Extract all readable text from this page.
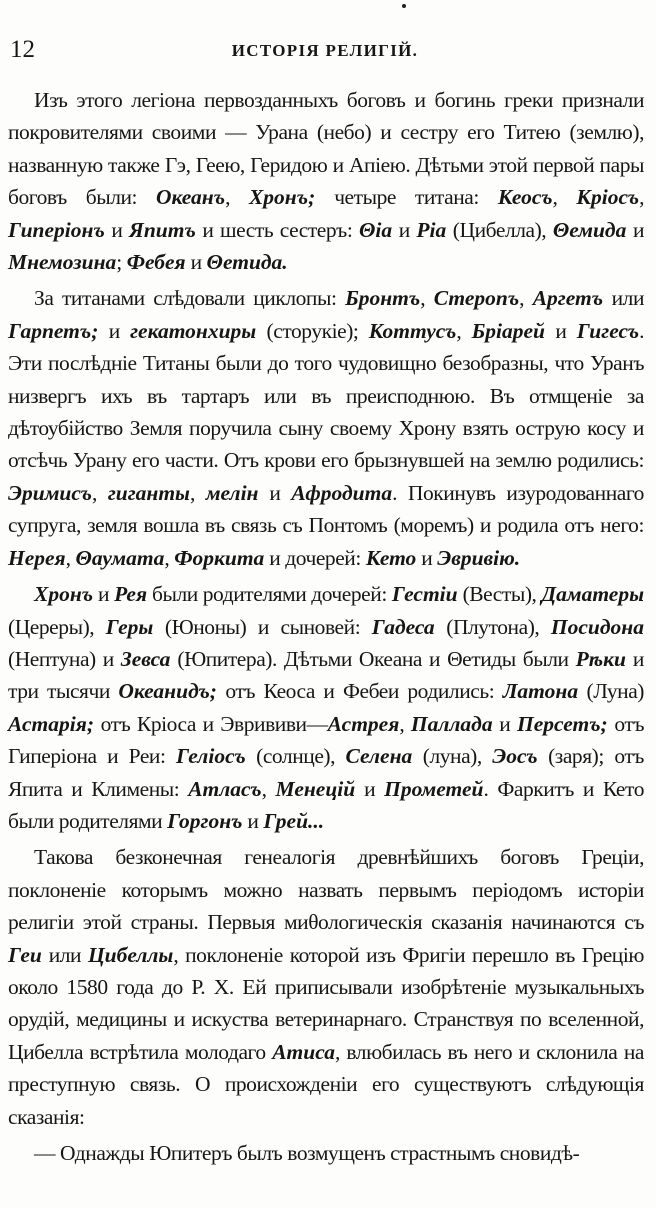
12	ИСТОРІЯ РЕЛИГІЙ.

Изъ этого легіона первозданныхъ боговъ и богинь греки признали покровителями своими — Урана (небо) и сестру его Титею (землю), названную также Гэ, Геею, Геридою и Апіею. Дѣтьми этой первой пары боговъ были: Океанъ, Хронъ; четыре титана: Кеосъ, Кріосъ, Гиперіонъ и Япитъ и шесть сестеръ: Θіа и Ріа (Цибелла), Θемида и Мнемозина; Фебея и Θетида.

За титанами слѣдовали циклопы: Бронтъ, Стеропъ, Аргетъ или Гарпетъ; и гекатонхиры (сторукіе); Коттусъ, Бріарей и Гигесъ. Эти послѣдніе Титаны были до того чудовищно безобразны, что Уранъ низвергъ ихъ въ тартаръ или въ преисподнюю. Въ отмщеніе за дѣтоубійство Земля поручила сыну своему Хрону взять острую косу и отсѣчь Урану его части. Отъ крови его брызнувшей на землю родились: Эримисъ, гиганты, мелін и Афродита. Покинувъ изуродованнаго супруга, земля вошла въ связь съ Понтомъ (моремъ) и родила отъ него: Нерея, Θаумата, Форкита и дочерей: Кето и Эвривію.

Хронъ и Рея были родителями дочерей: Гестіи (Весты), Даматеры (Цереры), Геры (Юноны) и сыновей: Гадеса (Плутона), Посидона (Нептуна) и Зевса (Юпитера). Дѣтьми Океана и Θетиды были Рѣки и три тысячи Океанидъ; отъ Кеоса и Фебеи родились: Латона (Луна) Астарія; отъ Кріоса и Эврививи—Астрея, Паллада и Персетъ; отъ Гиперіона и Реи: Геліосъ (солнце), Селена (луна), Эосъ (заря); отъ Япита и Климены: Атласъ, Менецій и Прометей. Фаркитъ и Кето были родителями Горгонъ и Грей...

Такова безконечная генеалогія древнѣйшихъ боговъ Греціи, поклоненіе которымъ можно назвать первымъ періодомъ исторіи религіи этой страны. Первыя миθологическія сказанія начинаются съ Геи или Цибеллы, поклоненіе которой изъ Фригіи перешло въ Грецію около 1580 года до Р. Х. Ей приписывали изобрѣтеніе музыкальныхъ орудій, медицины и искуства ветеринарнаго. Странствуя по вселенной, Цибелла встрѣтила молодаго Атиса, влюбилась въ него и склонила на преступную связь. О происхожденіи его существуютъ слѣдующія сказанія:

— Однажды Юпитеръ былъ возмущенъ страстнымъ сновидѣ-
